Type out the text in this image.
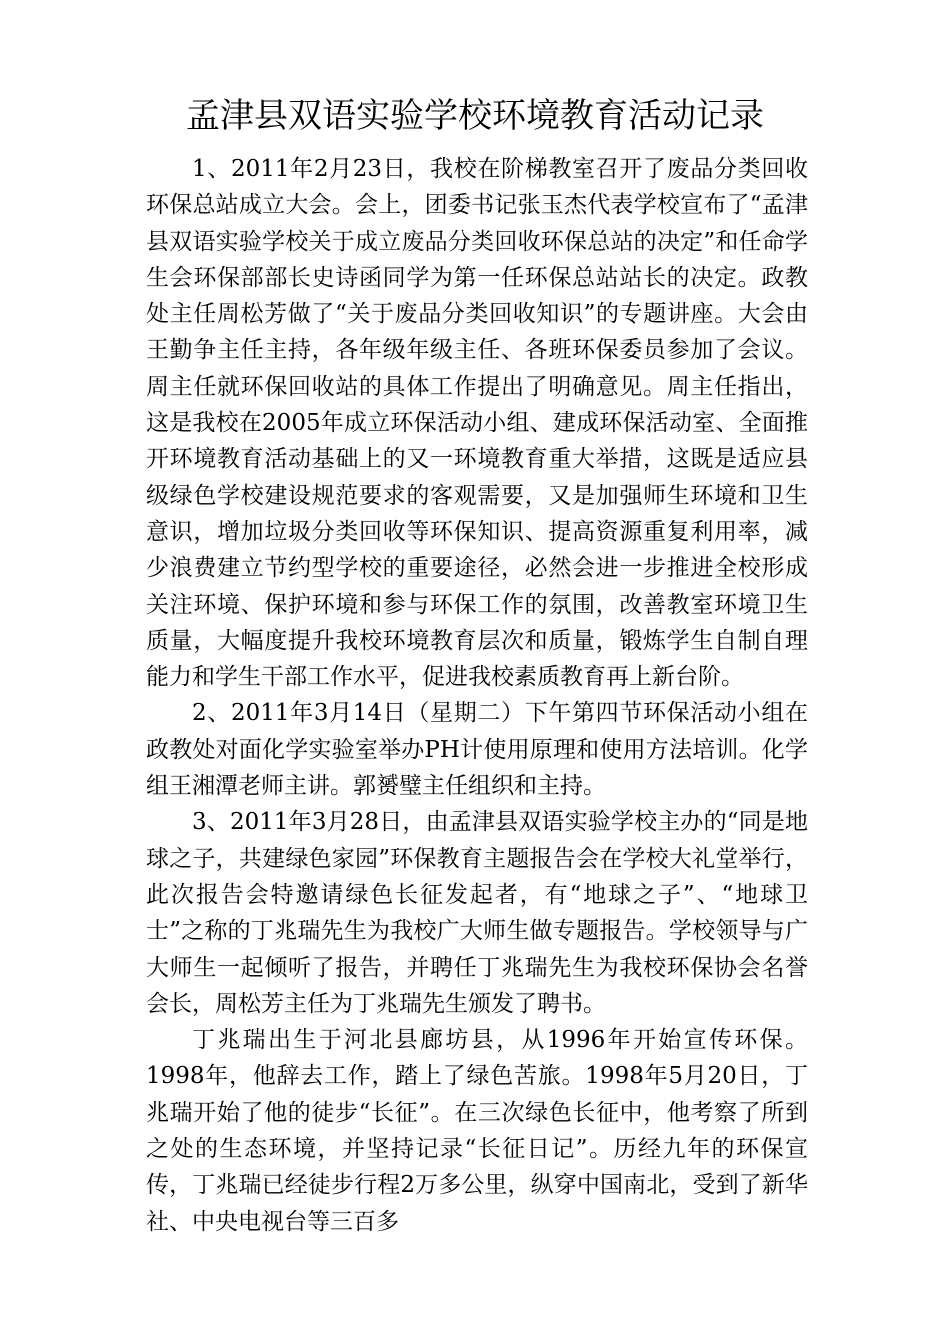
孟津县双语实验学校环境教育活动记录

1、2011年2月23日，我校在阶梯教室召开了废品分类回收环保总站成立大会。会上，团委书记张玉杰代表学校宣布了“孟津县双语实验学校关于成立废品分类回收环保总站的决定”和任命学生会环保部部长史诗函同学为第一任环保总站站长的决定。政教处主任周松芳做了“关于废品分类回收知识”的专题讲座。大会由王勤争主任主持，各年级年级主任、各班环保委员参加了会议。周主任就环保回收站的具体工作提出了明确意见。周主任指出，这是我校在2005年成立环保活动小组、建成环保活动室、全面推开环境教育活动基础上的又一环境教育重大举措，这既是适应县级绿色学校建设规范要求的客观需要，又是加强师生环境和卫生意识，增加垃圾分类回收等环保知识、提高资源重复利用率，减少浪费建立节约型学校的重要途径，必然会进一步推进全校形成关注环境、保护环境和参与环保工作的氛围，改善教室环境卫生质量，大幅度提升我校环境教育层次和质量，锻炼学生自制自理能力和学生干部工作水平，促进我校素质教育再上新台阶。

2、2011年3月14日（星期二）下午第四节环保活动小组在政教处对面化学实验室举办PH计使用原理和使用方法培训。化学组王湘潭老师主讲。郭赟璧主任组织和主持。

3、2011年3月28日，由孟津县双语实验学校主办的“同是地球之子，共建绿色家园”环保教育主题报告会在学校大礼堂举行，此次报告会特邀请绿色长征发起者，有“地球之子”、“地球卫士”之称的丁兆瑞先生为我校广大师生做专题报告。学校领导与广大师生一起倾听了报告，并聘任丁兆瑞先生为我校环保协会名誉会长，周松芳主任为丁兆瑞先生颁发了聘书。

丁兆瑞出生于河北县廊坊县，从1996年开始宣传环保。1998年，他辞去工作，踏上了绿色苦旅。1998年5月20日，丁兆瑞开始了他的徒步“长征”。在三次绿色长征中，他考察了所到之处的生态环境，并坚持记录“长征日记”。历经九年的环保宣传，丁兆瑞已经徒步行程2万多公里，纵穿中国南北，受到了新华社、中央电视台等三百多
